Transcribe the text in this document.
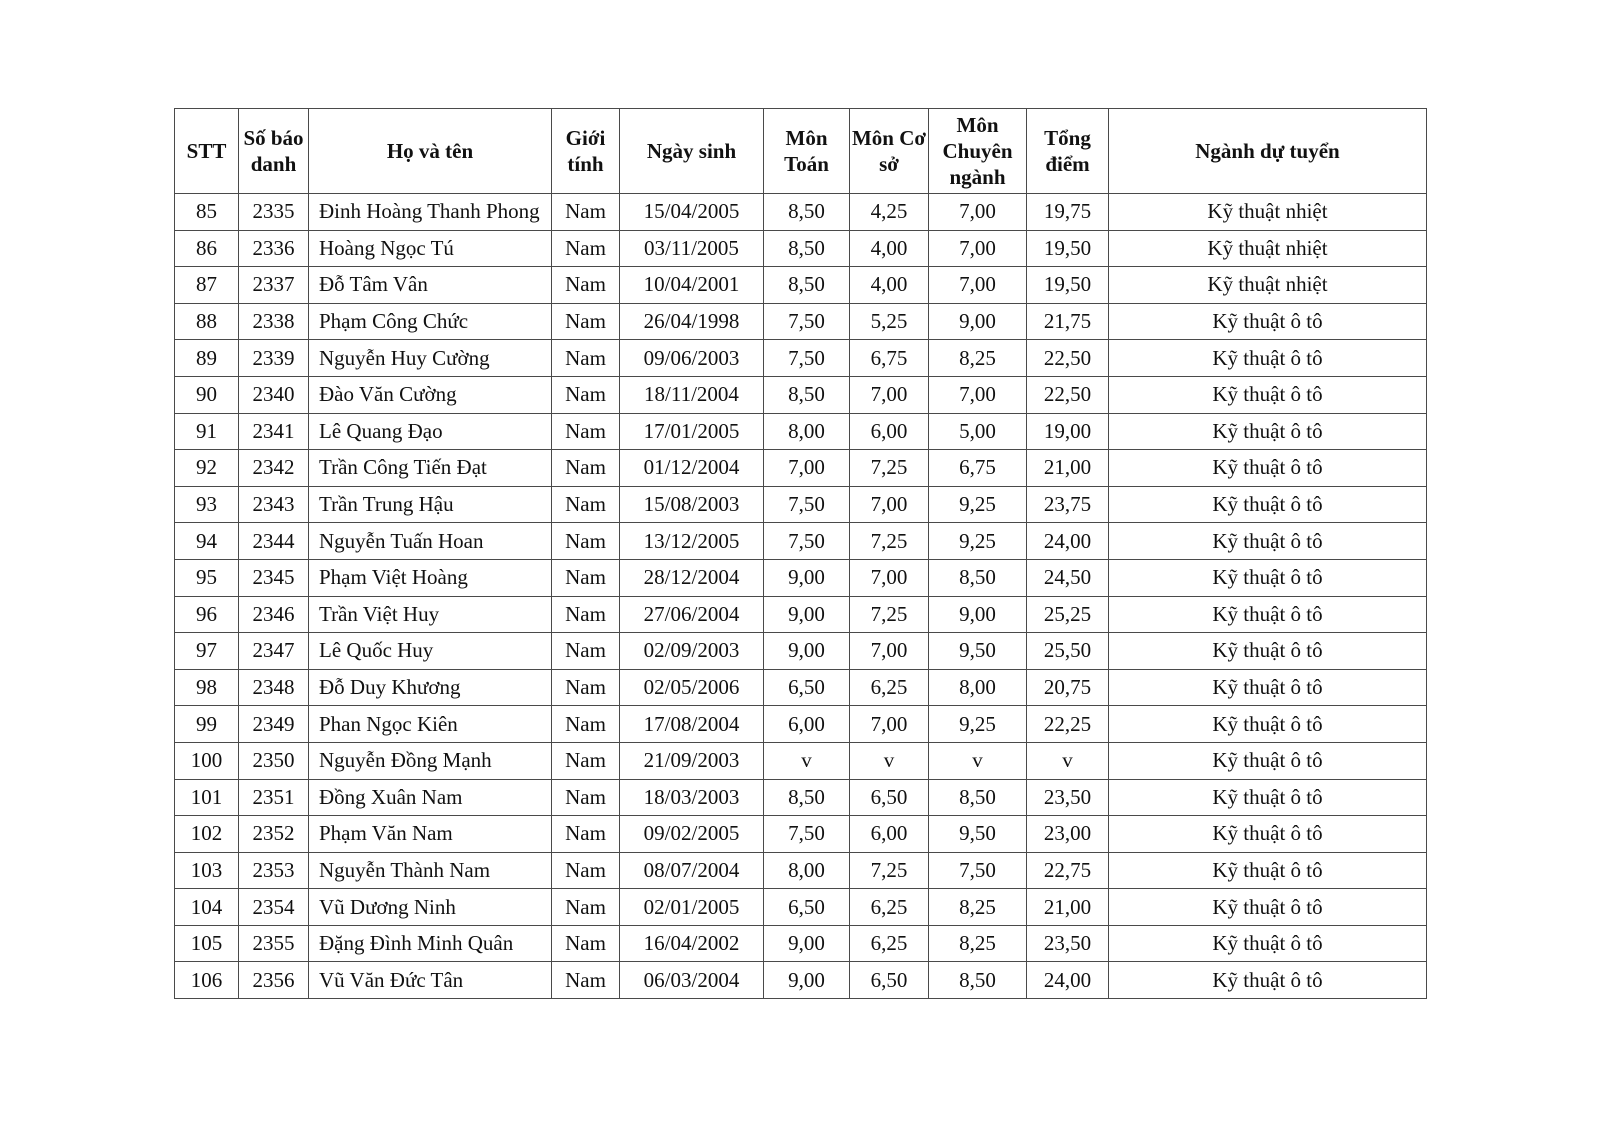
STT	Số báo danh	Họ và tên	Giới tính	Ngày sinh	Môn Toán	Môn Cơ sở	Môn Chuyên ngành	Tổng điểm	Ngành dự tuyển
85	2335	Đinh Hoàng Thanh Phong	Nam	15/04/2005	8,50	4,25	7,00	19,75	Kỹ thuật nhiệt
86	2336	Hoàng Ngọc Tú	Nam	03/11/2005	8,50	4,00	7,00	19,50	Kỹ thuật nhiệt
87	2337	Đỗ Tâm Vân	Nam	10/04/2001	8,50	4,00	7,00	19,50	Kỹ thuật nhiệt
88	2338	Phạm Công Chức	Nam	26/04/1998	7,50	5,25	9,00	21,75	Kỹ thuật ô tô
89	2339	Nguyễn Huy Cường	Nam	09/06/2003	7,50	6,75	8,25	22,50	Kỹ thuật ô tô
90	2340	Đào Văn Cường	Nam	18/11/2004	8,50	7,00	7,00	22,50	Kỹ thuật ô tô
91	2341	Lê Quang Đạo	Nam	17/01/2005	8,00	6,00	5,00	19,00	Kỹ thuật ô tô
92	2342	Trần Công Tiến Đạt	Nam	01/12/2004	7,00	7,25	6,75	21,00	Kỹ thuật ô tô
93	2343	Trần Trung Hậu	Nam	15/08/2003	7,50	7,00	9,25	23,75	Kỹ thuật ô tô
94	2344	Nguyễn Tuấn Hoan	Nam	13/12/2005	7,50	7,25	9,25	24,00	Kỹ thuật ô tô
95	2345	Phạm Việt Hoàng	Nam	28/12/2004	9,00	7,00	8,50	24,50	Kỹ thuật ô tô
96	2346	Trần Việt Huy	Nam	27/06/2004	9,00	7,25	9,00	25,25	Kỹ thuật ô tô
97	2347	Lê Quốc Huy	Nam	02/09/2003	9,00	7,00	9,50	25,50	Kỹ thuật ô tô
98	2348	Đỗ Duy Khương	Nam	02/05/2006	6,50	6,25	8,00	20,75	Kỹ thuật ô tô
99	2349	Phan Ngọc Kiên	Nam	17/08/2004	6,00	7,00	9,25	22,25	Kỹ thuật ô tô
100	2350	Nguyễn Đồng Mạnh	Nam	21/09/2003	v	v	v	v	Kỹ thuật ô tô
101	2351	Đồng Xuân Nam	Nam	18/03/2003	8,50	6,50	8,50	23,50	Kỹ thuật ô tô
102	2352	Phạm Văn Nam	Nam	09/02/2005	7,50	6,00	9,50	23,00	Kỹ thuật ô tô
103	2353	Nguyễn Thành Nam	Nam	08/07/2004	8,00	7,25	7,50	22,75	Kỹ thuật ô tô
104	2354	Vũ Dương Ninh	Nam	02/01/2005	6,50	6,25	8,25	21,00	Kỹ thuật ô tô
105	2355	Đặng Đình Minh Quân	Nam	16/04/2002	9,00	6,25	8,25	23,50	Kỹ thuật ô tô
106	2356	Vũ Văn Đức Tân	Nam	06/03/2004	9,00	6,50	8,50	24,00	Kỹ thuật ô tô
